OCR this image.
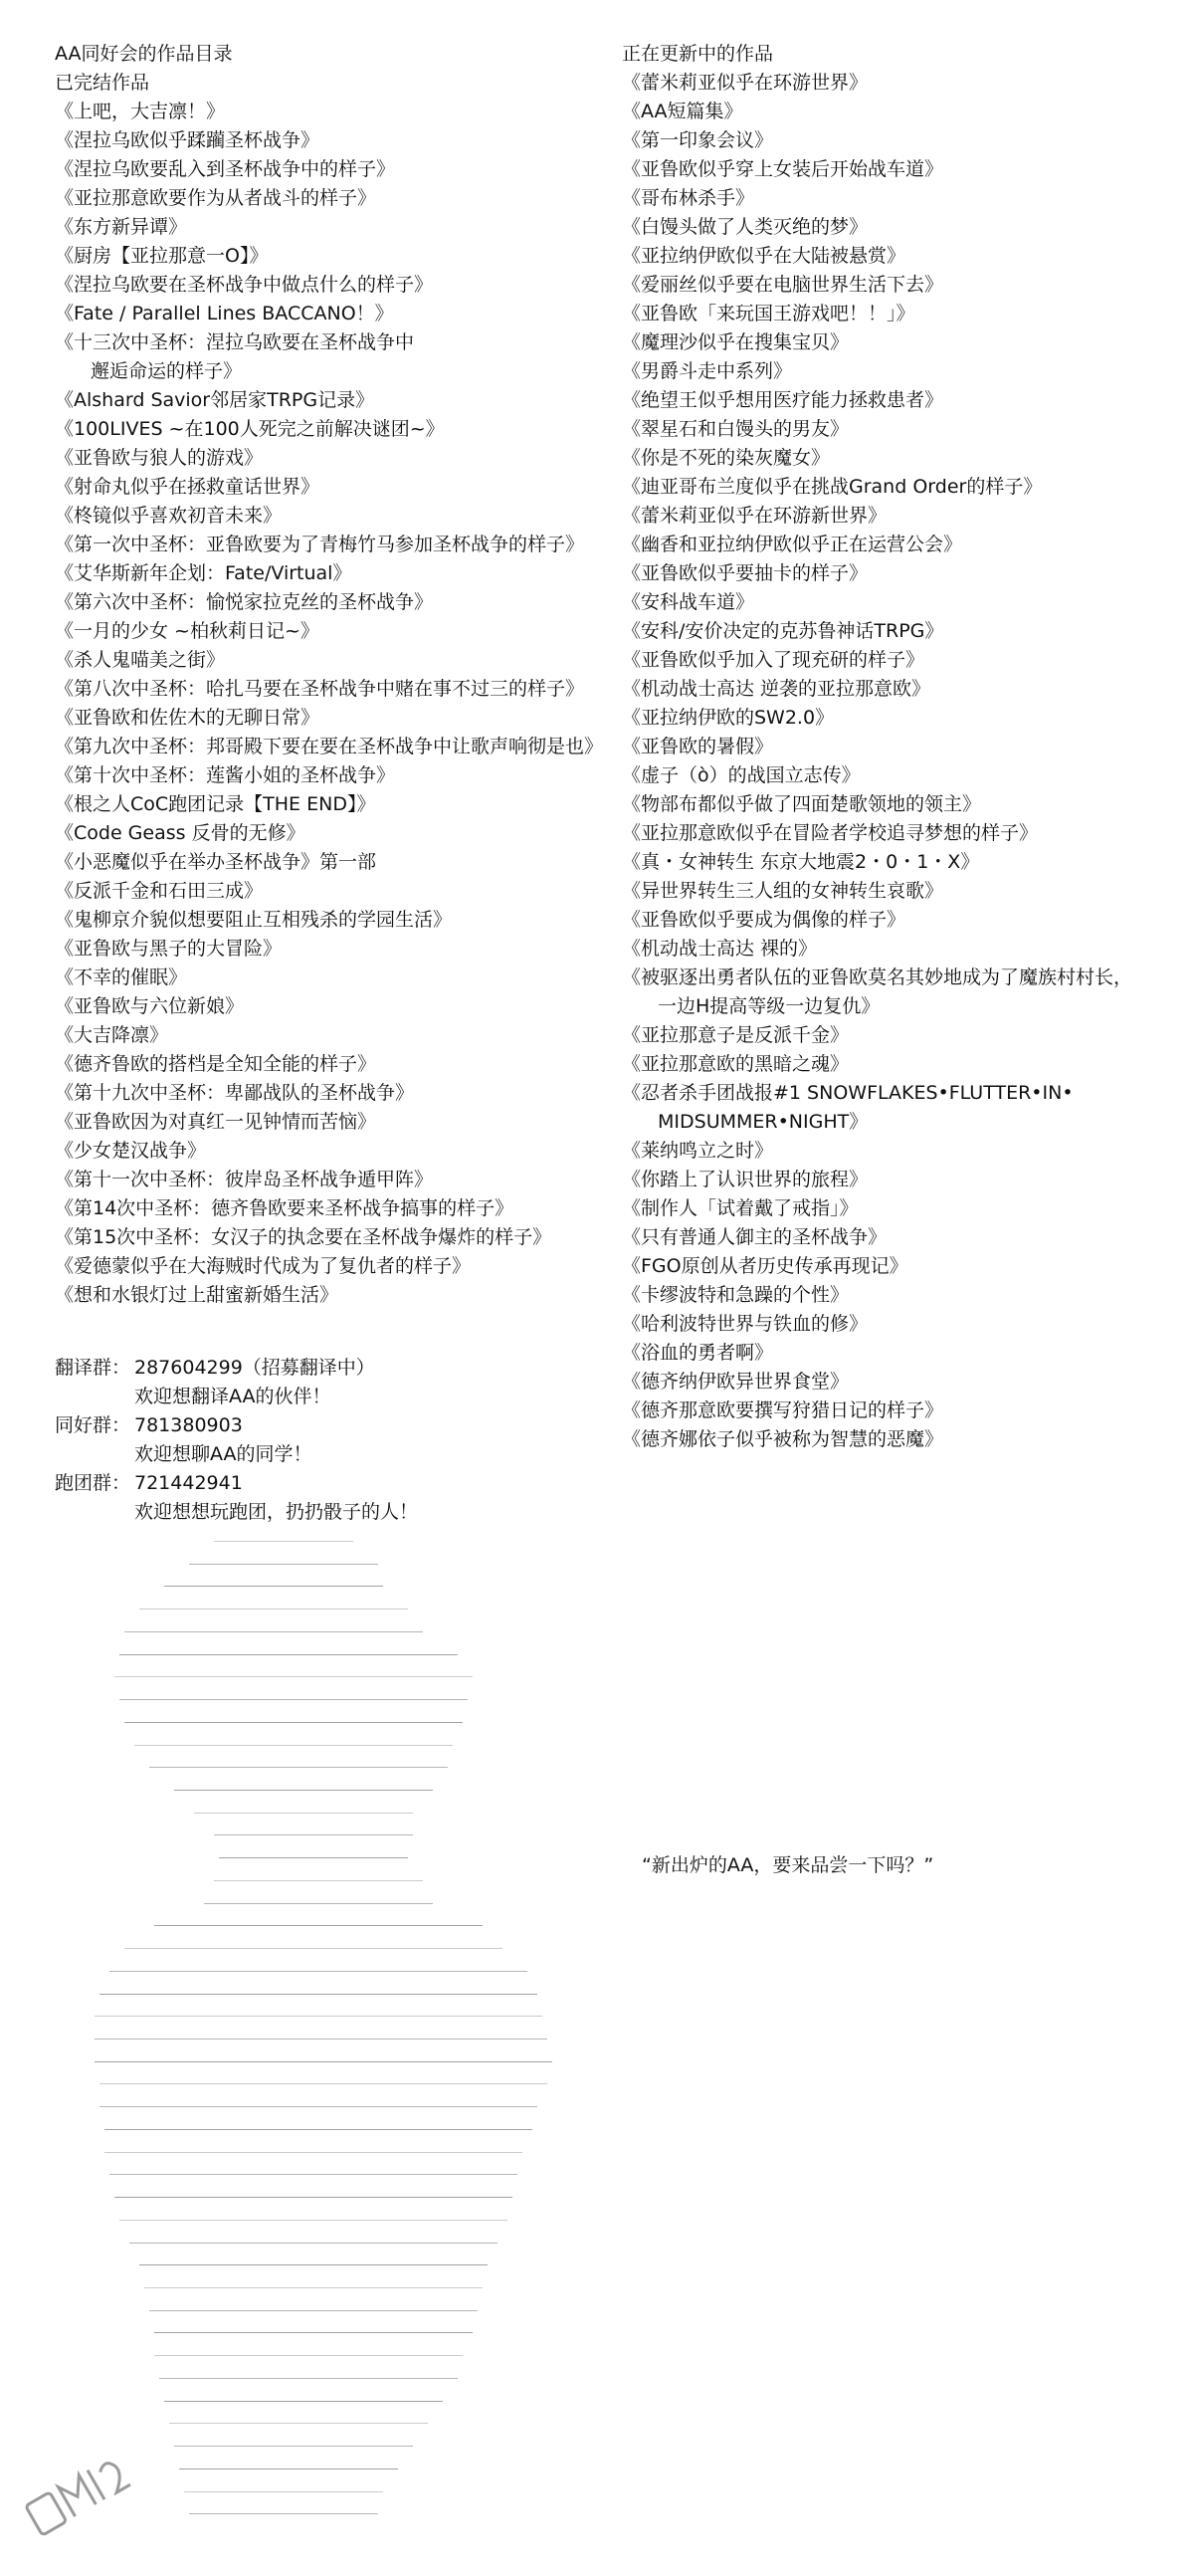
AA同好会的作品目录
已完结作品
《上吧，大吉凛！》
《涅拉乌欧似乎蹂躏圣杯战争》
《涅拉乌欧要乱入到圣杯战争中的样子》
《亚拉那意欧要作为从者战斗的样子》
《东方新异谭》
《厨房【亚拉那意一O】》
《涅拉乌欧要在圣杯战争中做点什么的样子》
《Fate / Parallel Lines BACCANO！》
《十三次中圣杯：涅拉乌欧要在圣杯战争中
邂逅命运的样子》
《Alshard Savior邻居家TRPG记录》
《100LIVES ~在100人死完之前解决谜团~》
《亚鲁欧与狼人的游戏》
《射命丸似乎在拯救童话世界》
《柊镜似乎喜欢初音未来》
《第一次中圣杯：亚鲁欧要为了青梅竹马参加圣杯战争的样子》
《艾华斯新年企划：Fate/Virtual》
《第六次中圣杯：愉悦家拉克丝的圣杯战争》
《一月的少女 ~柏秋莉日记~》
《杀人鬼喵美之街》
《第八次中圣杯：哈扎马要在圣杯战争中赌在事不过三的样子》
《亚鲁欧和佐佐木的无聊日常》
《第九次中圣杯：邦哥殿下要在要在圣杯战争中让歌声响彻是也》
《第十次中圣杯：莲酱小姐的圣杯战争》
《根之人CoC跑团记录【THE END】》
《Code Geass 反骨的无修》
《小恶魔似乎在举办圣杯战争》第一部
《反派千金和石田三成》
《鬼柳京介貌似想要阻止互相残杀的学园生活》
《亚鲁欧与黑子的大冒险》
《不幸的催眠》
《亚鲁欧与六位新娘》
《大吉降凛》
《德齐鲁欧的搭档是全知全能的样子》
《第十九次中圣杯：卑鄙战队的圣杯战争》
《亚鲁欧因为对真红一见钟情而苦恼》
《少女楚汉战争》
《第十一次中圣杯：彼岸岛圣杯战争遁甲阵》
《第14次中圣杯：德齐鲁欧要来圣杯战争搞事的样子》
《第15次中圣杯：女汉子的执念要在圣杯战争爆炸的样子》
《爱德蒙似乎在大海贼时代成为了复仇者的样子》
《想和水银灯过上甜蜜新婚生活》
正在更新中的作品
《蕾米莉亚似乎在环游世界》
《AA短篇集》
《第一印象会议》
《亚鲁欧似乎穿上女装后开始战车道》
《哥布林杀手》
《白馒头做了人类灭绝的梦》
《亚拉纳伊欧似乎在大陆被悬赏》
《爱丽丝似乎要在电脑世界生活下去》
《亚鲁欧「来玩国王游戏吧！！」》
《魔理沙似乎在搜集宝贝》
《男爵斗走中系列》
《绝望王似乎想用医疗能力拯救患者》
《翠星石和白馒头的男友》
《你是不死的染灰魔女》
《迪亚哥布兰度似乎在挑战Grand Order的样子》
《蕾米莉亚似乎在环游新世界》
《幽香和亚拉纳伊欧似乎正在运营公会》
《亚鲁欧似乎要抽卡的样子》
《安科战车道》
《安科/安价决定的克苏鲁神话TRPG》
《亚鲁欧似乎加入了现充研的样子》
《机动战士高达 逆袭的亚拉那意欧》
《亚拉纳伊欧的SW2.0》
《亚鲁欧的暑假》
《虚子（ò）的战国立志传》
《物部布都似乎做了四面楚歌领地的领主》
《亚拉那意欧似乎在冒险者学校追寻梦想的样子》
《真・女神转生 东京大地震2・0・1・X》
《异世界转生三人组的女神转生哀歌》
《亚鲁欧似乎要成为偶像的样子》
《机动战士高达 裸的》
《被驱逐出勇者队伍的亚鲁欧莫名其妙地成为了魔族村村长，
一边H提高等级一边复仇》
《亚拉那意子是反派千金》
《亚拉那意欧的黑暗之魂》
《忍者杀手团战报#1 SNOWFLAKES•FLUTTER•IN•
MIDSUMMER•NIGHT》
《莱纳鸣立之时》
《你踏上了认识世界的旅程》
《制作人「试着戴了戒指」》
《只有普通人御主的圣杯战争》
《FGO原创从者历史传承再现记》
《卡缪波特和急躁的个性》
《哈利波特世界与铁血的修》
《浴血的勇者啊》
《德齐纳伊欧异世界食堂》
《德齐那意欧要撰写狩猎日记的样子》
《德齐娜依子似乎被称为智慧的恶魔》
翻译群： 287604299（招募翻译中）
欢迎想翻译AA的伙伴！
同好群： 781380903
欢迎想聊AA的同学！
跑团群： 721442941
欢迎想想玩跑团，扔扔骰子的人！
“新出炉的AA，要来品尝一下吗？”
